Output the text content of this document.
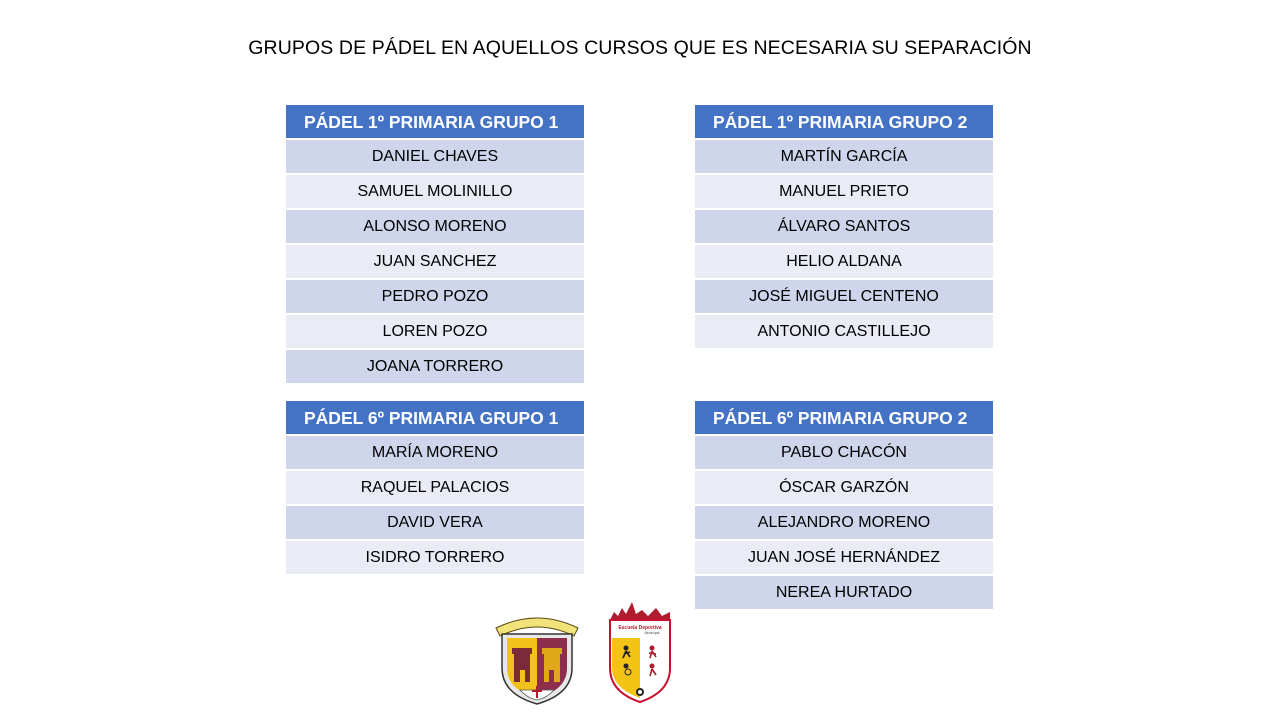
GRUPOS DE PÁDEL EN AQUELLOS CURSOS QUE ES NECESARIA SU SEPARACIÓN
PÁDEL 1º PRIMARIA GRUPO 1
DANIEL CHAVES
SAMUEL MOLINILLO
ALONSO MORENO
JUAN SANCHEZ
PEDRO POZO
LOREN POZO
JOANA TORRERO
PÁDEL 1º PRIMARIA GRUPO 2
MARTÍN GARCÍA
MANUEL PRIETO
ÁLVARO SANTOS
HELIO ALDANA
JOSÉ MIGUEL CENTENO
ANTONIO CASTILLEJO
PÁDEL 6º PRIMARIA GRUPO 1
MARÍA MORENO
RAQUEL PALACIOS
DAVID VERA
ISIDRO TORRERO
PÁDEL 6º PRIMARIA GRUPO 2
PABLO CHACÓN
ÓSCAR GARZÓN
ALEJANDRO MORENO
JUAN JOSÉ HERNÁNDEZ
NEREA HURTADO
Escuela Deportiva
Municipal
